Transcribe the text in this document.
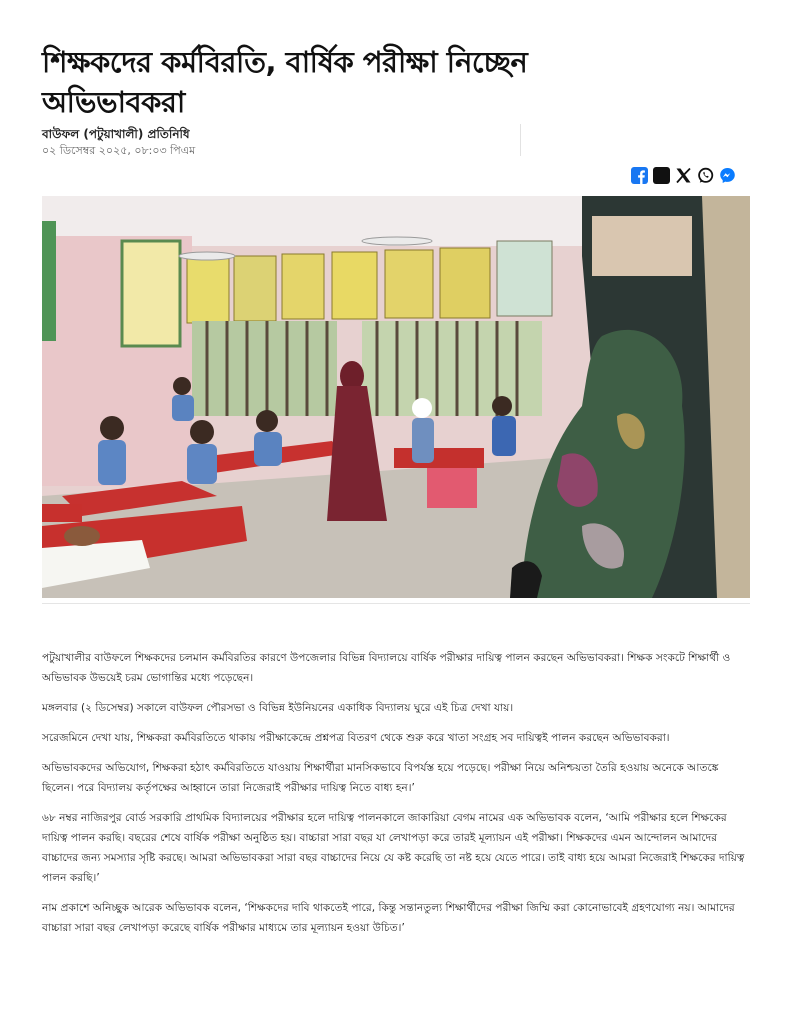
শিক্ষকদের কর্মবিরতি, বার্ষিক পরীক্ষা নিচ্ছেন অভিভাবকরা
বাউফল (পটুয়াখালী) প্রতিনিধি
০২ ডিসেম্বর ২০২৫, ০৮:০৩ পিএম

পটুয়াখালীর বাউফলে শিক্ষকদের চলমান কর্মবিরতির কারণে উপজেলার বিভিন্ন বিদ্যালয়ে বার্ষিক পরীক্ষার দায়িত্ব পালন করছেন অভিভাবকরা। শিক্ষক সংকটে শিক্ষার্থী ও অভিভাবক উভয়েই চরম ভোগান্তির মধ্যে পড়েছেন।

মঙ্গলবার (২ ডিসেম্বর) সকালে বাউফল পৌরসভা ও বিভিন্ন ইউনিয়নের একাধিক বিদ্যালয় ঘুরে এই চিত্র দেখা যায়।

সরেজমিনে দেখা যায়, শিক্ষকরা কর্মবিরতিতে থাকায় পরীক্ষাকেন্দ্রে প্রশ্নপত্র বিতরণ থেকে শুরু করে খাতা সংগ্রহ সব দায়িত্বই পালন করছেন অভিভাবকরা।

অভিভাবকদের অভিযোগ, শিক্ষকরা হঠাৎ কর্মবিরতিতে যাওয়ায় শিক্ষার্থীরা মানসিকভাবে বিপর্যস্ত হয়ে পড়েছে। পরীক্ষা নিয়ে অনিশ্চয়তা তৈরি হওয়ায় অনেকে আতঙ্কে ছিলেন। পরে বিদ্যালয় কর্তৃপক্ষের আহ্বানে তারা নিজেরাই পরীক্ষার দায়িত্ব নিতে বাধ্য হন।’

৬৮ নম্বর নাজিরপুর বোর্ড সরকারি প্রাথমিক বিদ্যালয়ের পরীক্ষার হলে দায়িত্ব পালনকালে জাকারিয়া বেগম নামের এক অভিভাবক বলেন, ‘আমি পরীক্ষার হলে শিক্ষকের দায়িত্ব পালন করছি। বছরের শেষে বার্ষিক পরীক্ষা অনুষ্ঠিত হয়। বাচ্চারা সারা বছর যা লেখাপড়া করে তারই মূল্যায়ন এই পরীক্ষা। শিক্ষকদের এমন আন্দোলন আমাদের বাচ্চাদের জন্য সমস্যার সৃষ্টি করছে। আমরা অভিভাবকরা সারা বছর বাচ্চাদের নিয়ে যে কষ্ট করেছি তা নষ্ট হয়ে যেতে পারে। তাই বাধ্য হয়ে আমরা নিজেরাই শিক্ষকের দায়িত্ব পালন করছি।’

নাম প্রকাশে অনিচ্ছুক আরেক অভিভাবক বলেন, ‘শিক্ষকদের দাবি থাকতেই পারে, কিন্তু সন্তানতুল্য শিক্ষার্থীদের পরীক্ষা জিম্মি করা কোনোভাবেই গ্রহণযোগ্য নয়। আমাদের বাচ্চারা সারা বছর লেখাপড়া করেছে বার্ষিক পরীক্ষার মাধ্যমে তার মূল্যায়ন হওয়া উচিত।’
